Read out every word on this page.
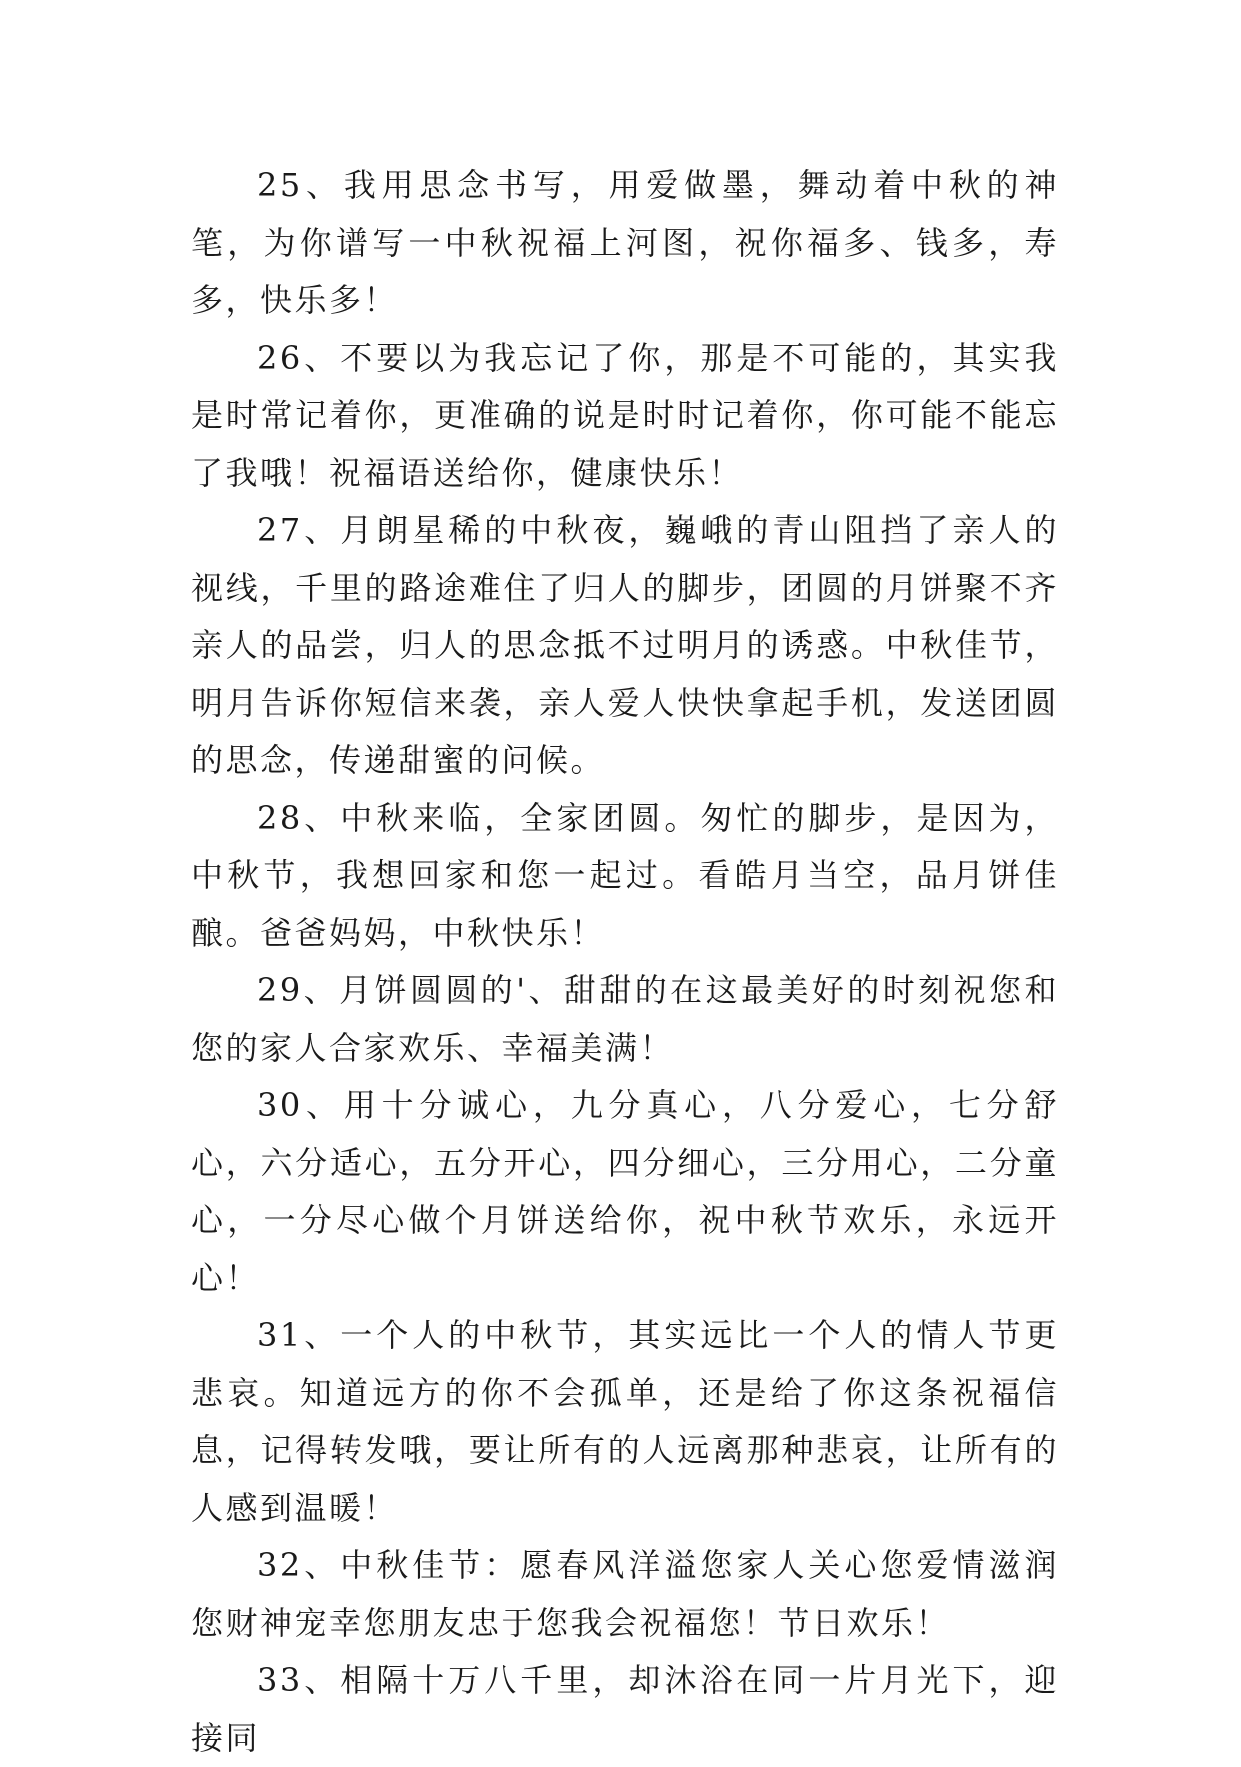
25、我用思念书写，用爱做墨，舞动着中秋的神笔，为你谱写一中秋祝福上河图，祝你福多、钱多，寿多，快乐多！

26、不要以为我忘记了你，那是不可能的，其实我是时常记着你，更准确的说是时时记着你，你可能不能忘了我哦！祝福语送给你，健康快乐！

27、月朗星稀的中秋夜，巍峨的青山阻挡了亲人的视线，千里的路途难住了归人的脚步，团圆的月饼聚不齐亲人的品尝，归人的思念抵不过明月的诱惑。中秋佳节，明月告诉你短信来袭，亲人爱人快快拿起手机，发送团圆的思念，传递甜蜜的问候。

28、中秋来临，全家团圆。匆忙的脚步，是因为，中秋节，我想回家和您一起过。看皓月当空，品月饼佳酿。爸爸妈妈，中秋快乐！

29、月饼圆圆的'、甜甜的在这最美好的时刻祝您和您的家人合家欢乐、幸福美满！

30、用十分诚心，九分真心，八分爱心，七分舒心，六分适心，五分开心，四分细心，三分用心，二分童心，一分尽心做个月饼送给你，祝中秋节欢乐，永远开心！

31、一个人的中秋节，其实远比一个人的情人节更悲哀。知道远方的你不会孤单，还是给了你这条祝福信息，记得转发哦，要让所有的人远离那种悲哀，让所有的人感到温暖！

32、中秋佳节：愿春风洋溢您家人关心您爱情滋润您财神宠幸您朋友忠于您我会祝福您！节日欢乐！

33、相隔十万八千里，却沐浴在同一片月光下，迎接同
